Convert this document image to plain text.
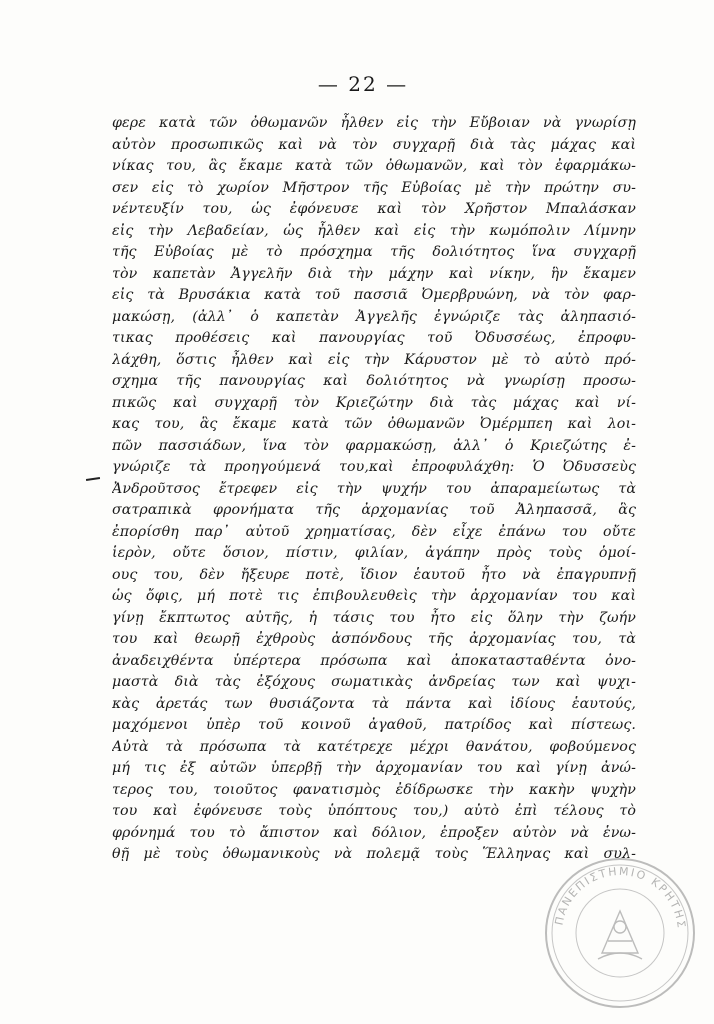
— 22 —
φερε κατὰ τῶν ὀθωμανῶν ἦλθεν εἰς τὴν Εὔβοιαν νὰ γνωρίσῃ
αὐτὸν προσωπικῶς καὶ νὰ τὸν συγχαρῇ διὰ τὰς μάχας καὶ
νίκας του, ἃς ἔκαμε κατὰ τῶν ὀθωμανῶν, καὶ τὸν ἐφαρμάκω-
σεν εἰς τὸ χωρίον Μῆστρον τῆς Εὐβοίας μὲ τὴν πρώτην συ-
νέντευξίν του, ὡς ἐφόνευσε καὶ τὸν Χρῆστον Μπαλάσκαν
εἰς τὴν Λεβαδείαν, ὡς ἦλθεν καὶ εἰς τὴν κωμόπολιν Λίμνην
τῆς Εὐβοίας μὲ τὸ πρόσχημα τῆς δολιότητος ἵνα συγχαρῇ
τὸν καπετὰν Ἀγγελῆν διὰ τὴν μάχην καὶ νίκην, ἣν ἔκαμεν
εἰς τὰ Βρυσάκια κατὰ τοῦ πασσιᾶ Ὀμερβρυώνη, νὰ τὸν φαρ-
μακώσῃ, (ἀλλ᾽ ὁ καπετὰν Ἀγγελῆς ἐγνώριζε τὰς ἀληπασιό-
τικας προθέσεις καὶ πανουργίας τοῦ Ὀδυσσέως, ἐπροφυ-
λάχθη, ὅστις ἦλθεν καὶ εἰς τὴν Κάρυστον μὲ τὸ αὐτὸ πρό-
σχημα τῆς πανουργίας καὶ δολιότητος νὰ γνωρίσῃ προσω-
πικῶς καὶ συγχαρῇ τὸν Κριεζώτην διὰ τὰς μάχας καὶ νί-
κας του, ἃς ἔκαμε κατὰ τῶν ὀθωμανῶν Ὀμέρμπεη καὶ λοι-
πῶν πασσιάδων, ἵνα τὸν φαρμακώσῃ, ἀλλ᾽ ὁ Κριεζώτης ἐ-
γνώριζε τὰ προηγούμενά του,καὶ ἐπροφυλάχθη: Ὁ Ὀδυσσεὺς
Ἀνδροῦτσος ἔτρεφεν εἰς τὴν ψυχήν του ἀπαραμείωτως τὰ
σατραπικὰ φρονήματα τῆς ἀρχομανίας τοῦ Ἀληπασσᾶ, ἃς
ἐπορίσθη παρ᾽ αὐτοῦ χρηματίσας, δὲν εἶχε ἐπάνω του οὔτε
ἱερὸν, οὔτε ὅσιον, πίστιν, φιλίαν, ἀγάπην πρὸς τοὺς ὁμοί-
ους του, δὲν ἤξευρε ποτὲ, ἴδιον ἑαυτοῦ ἦτο νὰ ἐπαγρυπνῇ
ὡς ὄφις, μή ποτὲ τις ἐπιβουλευθεὶς τὴν ἀρχομανίαν του καὶ
γίνῃ ἔκπτωτος αὐτῆς, ἡ τάσις του ἦτο εἰς ὅλην τὴν ζωήν
του καὶ θεωρῇ ἐχθροὺς ἀσπόνδους τῆς ἀρχομανίας του, τὰ
ἀναδειχθέντα ὑπέρτερα πρόσωπα καὶ ἀποκατασταθέντα ὀνο-
μαστὰ διὰ τὰς ἐξόχους σωματικὰς ἀνδρείας των καὶ ψυχι-
κὰς ἀρετάς των θυσιάζοντα τὰ πάντα καὶ ἰδίους ἑαυτούς,
μαχόμενοι ὑπὲρ τοῦ κοινοῦ ἀγαθοῦ, πατρίδος καὶ πίστεως.
Αὐτὰ τὰ πρόσωπα τὰ κατέτρεχε μέχρι θανάτου, φοβούμενος
μή τις ἐξ αὐτῶν ὑπερβῇ τὴν ἀρχομανίαν του καὶ γίνῃ ἀνώ-
τερος του, τοιοῦτος φανατισμὸς ἐδίδρωσκε τὴν κακὴν ψυχὴν
του καὶ ἐφόνευσε τοὺς ὑπόπτους του,) αὐτὸ ἐπὶ τέλους τὸ
φρόνημά του τὸ ἄπιστον καὶ δόλιον, ἐπροξεν αὐτὸν νὰ ἑνω-
θῇ μὲ τοὺς ὀθωμανικοὺς νὰ πολεμᾷ τοὺς Ἕλληνας καὶ συλ-
ΠΑΝΕΠΙΣΤΗΜΙΟ ΚΡΗΤΗΣ
